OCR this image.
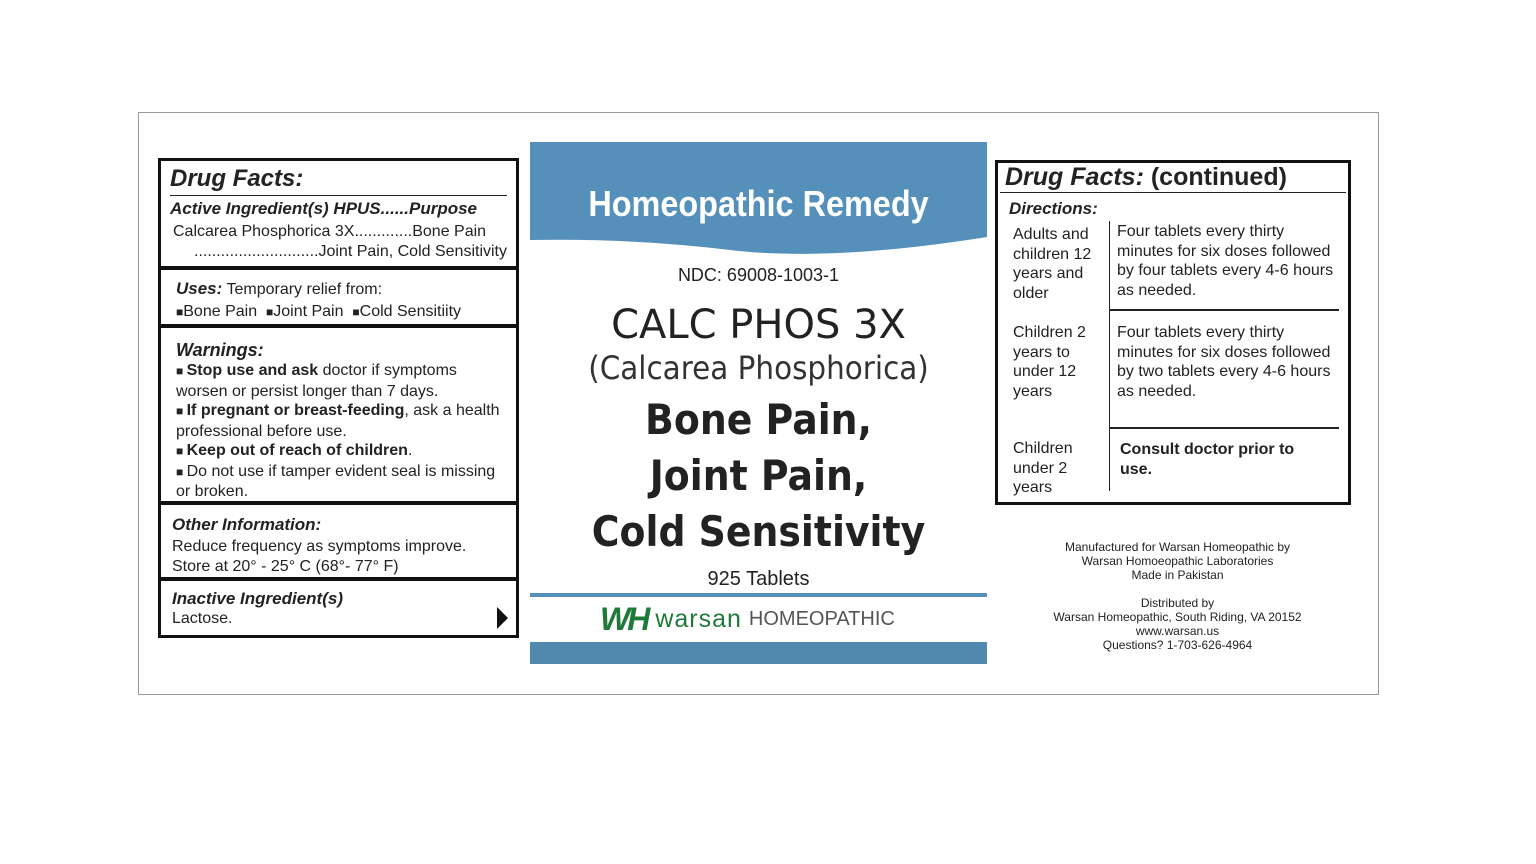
Drug Facts:
Active Ingredient(s) HPUS......Purpose
Calcarea Phosphorica 3X.............Bone Pain
............................Joint Pain, Cold Sensitivity
Uses: Temporary relief from:
■Bone Pain ■Joint Pain ■Cold Sensitiity
Warnings:
■ Stop use and ask doctor if symptoms worsen or persist longer than 7 days.
■ If pregnant or breast-feeding, ask a health professional before use.
■ Keep out of reach of children.
■ Do not use if tamper evident seal is missing or broken.
Other Information:
Reduce frequency as symptoms improve.
Store at 20° - 25° C (68°- 77° F)
Inactive Ingredient(s)
Lactose.
Homeopathic Remedy
NDC: 69008-1003-1
CALC PHOS 3X
(Calcarea Phosphorica)
Bone Pain,
Joint Pain,
Cold Sensitivity
925 Tablets
WH warsan HOMEOPATHIC
Drug Facts: (continued)
Directions:
Adults and children 12 years and older
Four tablets every thirty minutes for six doses followed by four tablets every 4-6 hours as needed.
Children 2 years to under 12 years
Four tablets every thirty minutes for six doses followed by two tablets every 4-6 hours as needed.
Children under 2 years
Consult doctor prior to use.
Manufactured for Warsan Homeopathic by
Warsan Homoeopathic Laboratories
Made in Pakistan
Distributed by
Warsan Homeopathic, South Riding, VA 20152
www.warsan.us
Questions? 1-703-626-4964
